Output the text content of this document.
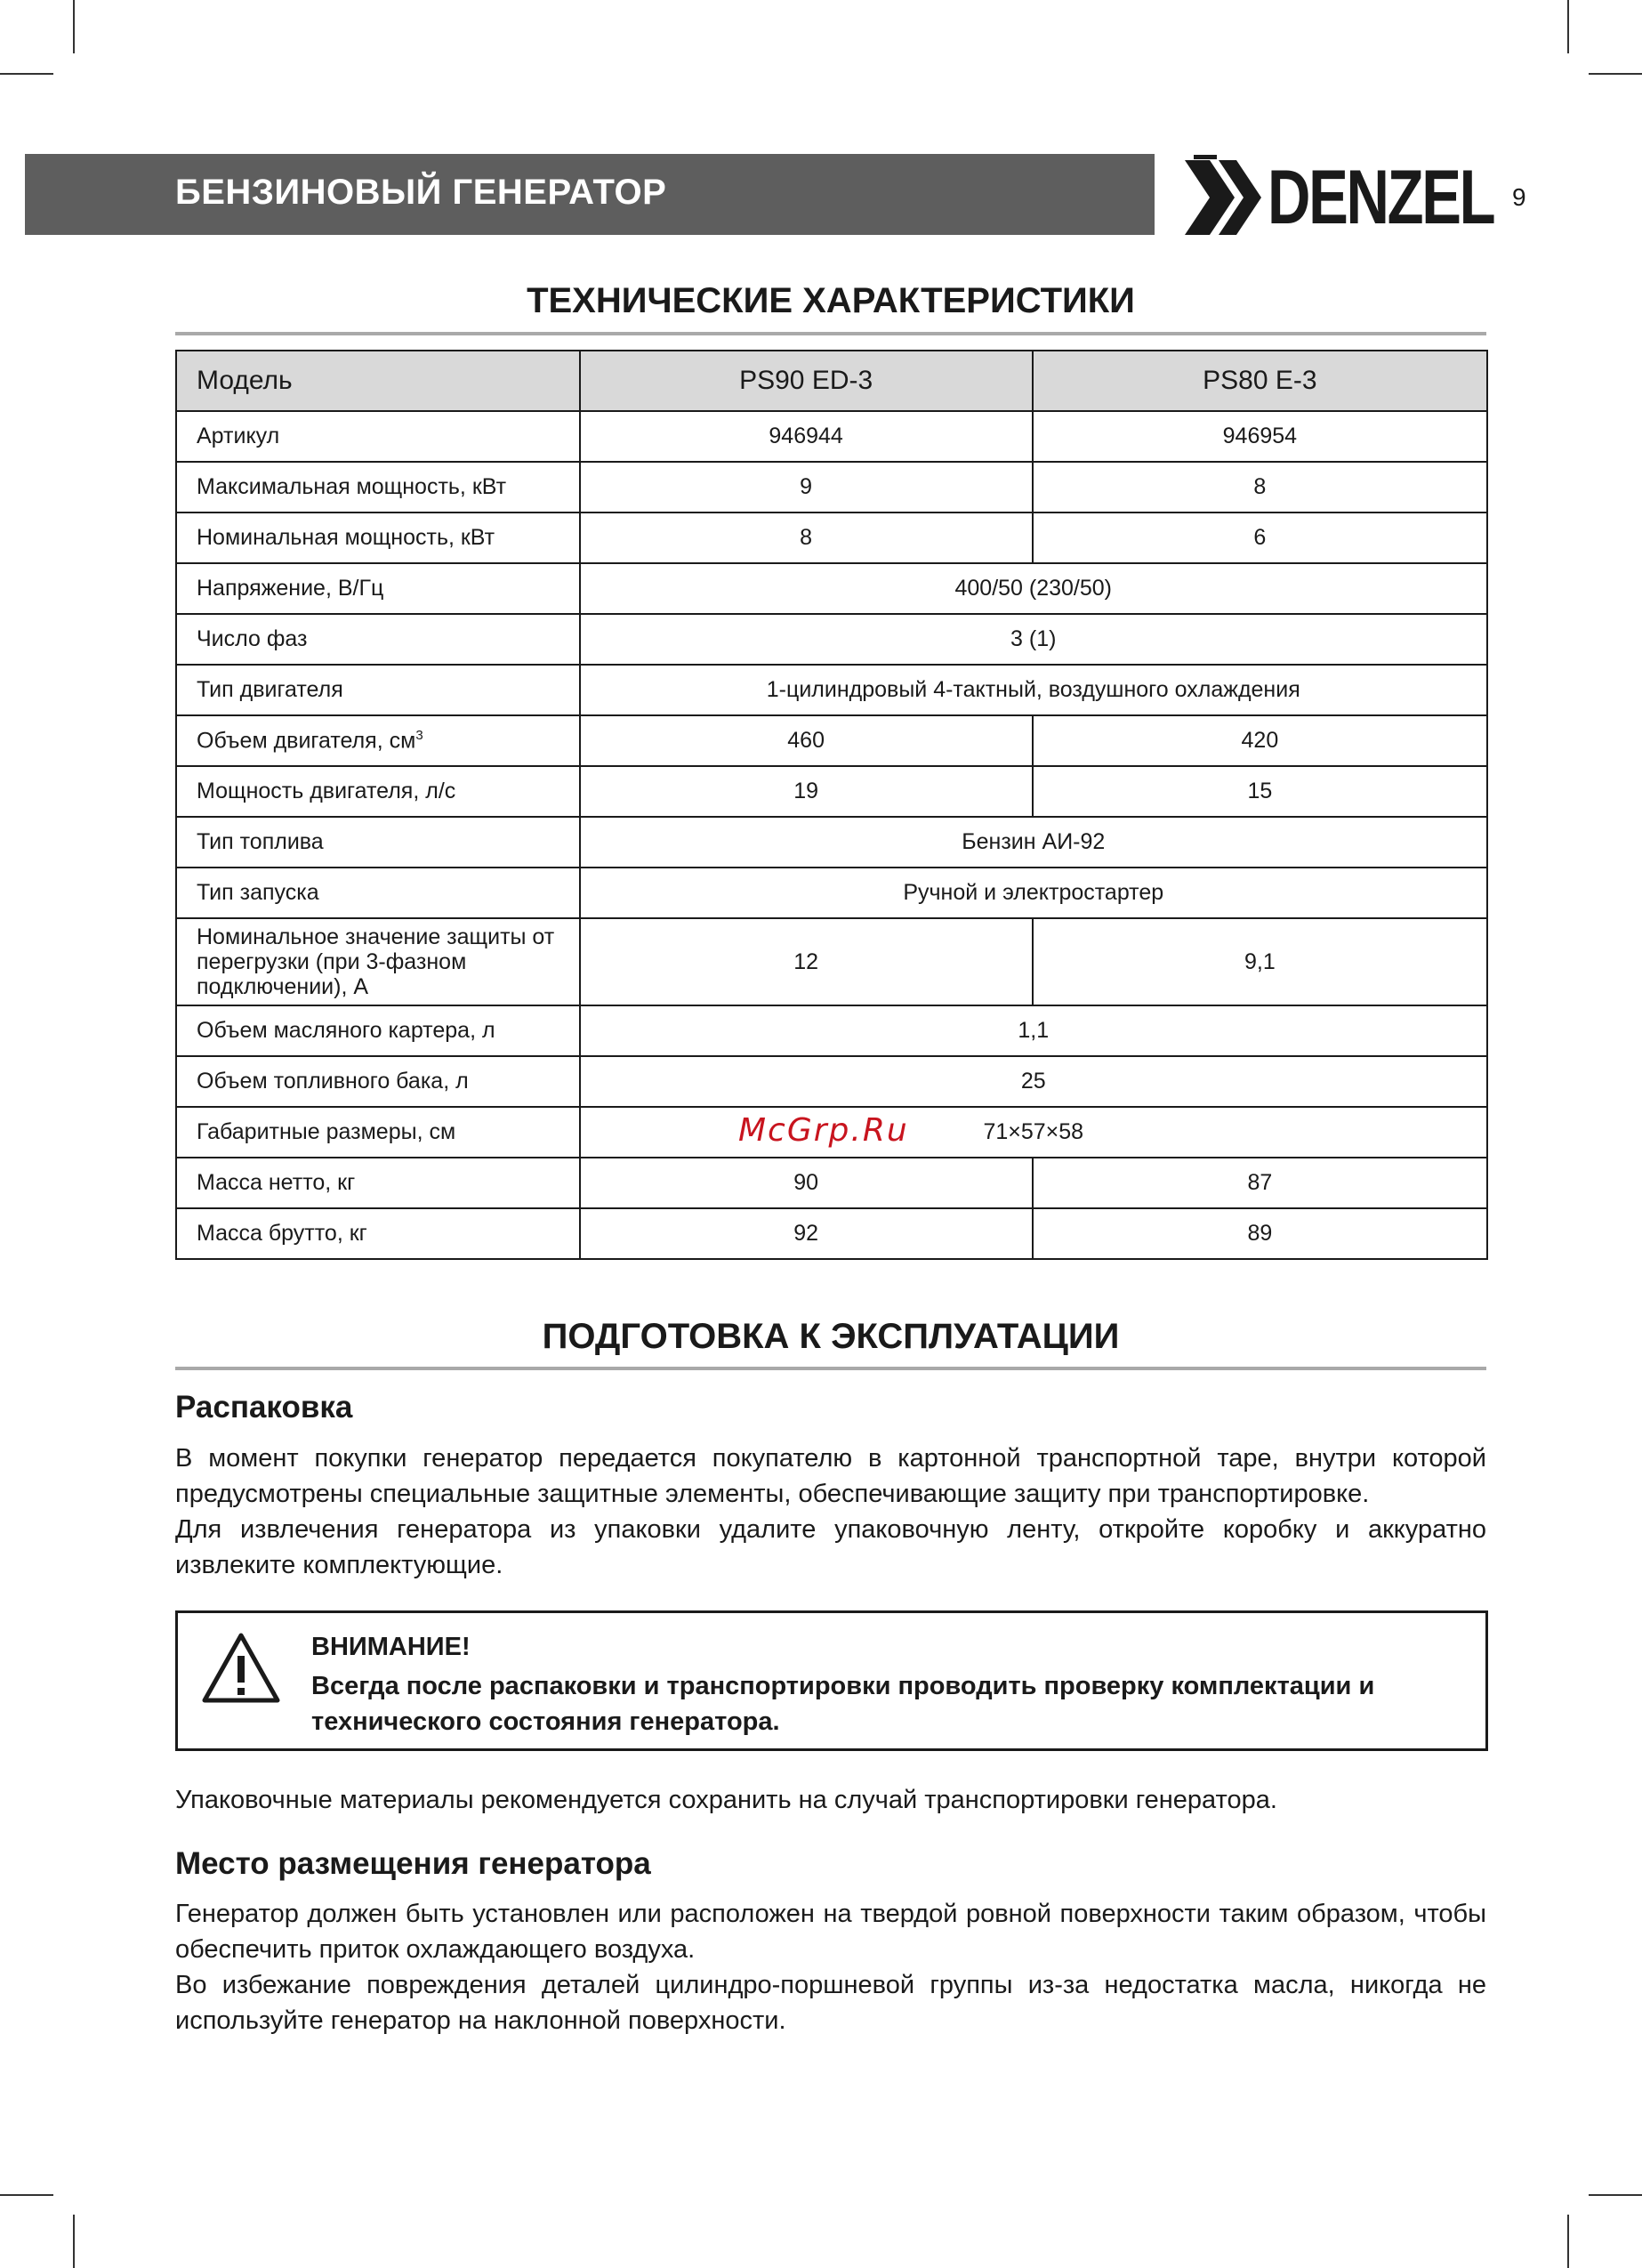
БЕНЗИНОВЫЙ ГЕНЕРАТОР	DENZEL 9
ТЕХНИЧЕСКИЕ ХАРАКТЕРИСТИКИ
Модель	PS90 ED-3	PS80 E-3
Артикул	946944	946954
Максимальная мощность, кВт	9	8
Номинальная мощность, кВт	8	6
Напряжение, В/Гц	400/50 (230/50)	
Число фаз	3 (1)	
Тип двигателя	1-цилиндровый 4-тактный, воздушного охлаждения	
Объем двигателя, $см^3$	460	420
Мощность двигателя, л/с	19	15
Тип топлива	Бензин АИ-92	
Тип запуска	Ручной и электростартер	
Номинальное значение защиты от перегрузки (при 3-фазном подключении), А	12	9,1
Объем масляного картера, л	1,1	
Объем топливного бака, л	25	
Габаритные размеры, см	71×57×58	
Масса нетто, кг	90	87
Масса брутто, кг	92	89
McGrp.Ru
ПОДГОТОВКА К ЭКСПЛУАТАЦИИ
Распаковка

В момент покупки генератор передается покупателю в картонной транспортной таре, внутри которой предусмотрены специальные защитные элементы, обеспечивающие защиту при транспортировке.

Для извлечения генератора из упаковки удалите упаковочную ленту, откройте коробку и аккуратно извлеките комплектующие.

ВНИМАНИЕ!

Всегда после распаковки и транспортировки проводить проверку комплектации и технического состояния генератора.

Упаковочные материалы рекомендуется сохранить на случай транспортировки генератора.

Место размещения генератора

Генератор должен быть установлен или расположен на твердой ровной поверхности таким образом, чтобы обеспечить приток охлаждающего воздуха.

Во избежание повреждения деталей цилиндро-поршневой группы из-за недостатка масла, никогда не используйте генератор на наклонной поверхности.
